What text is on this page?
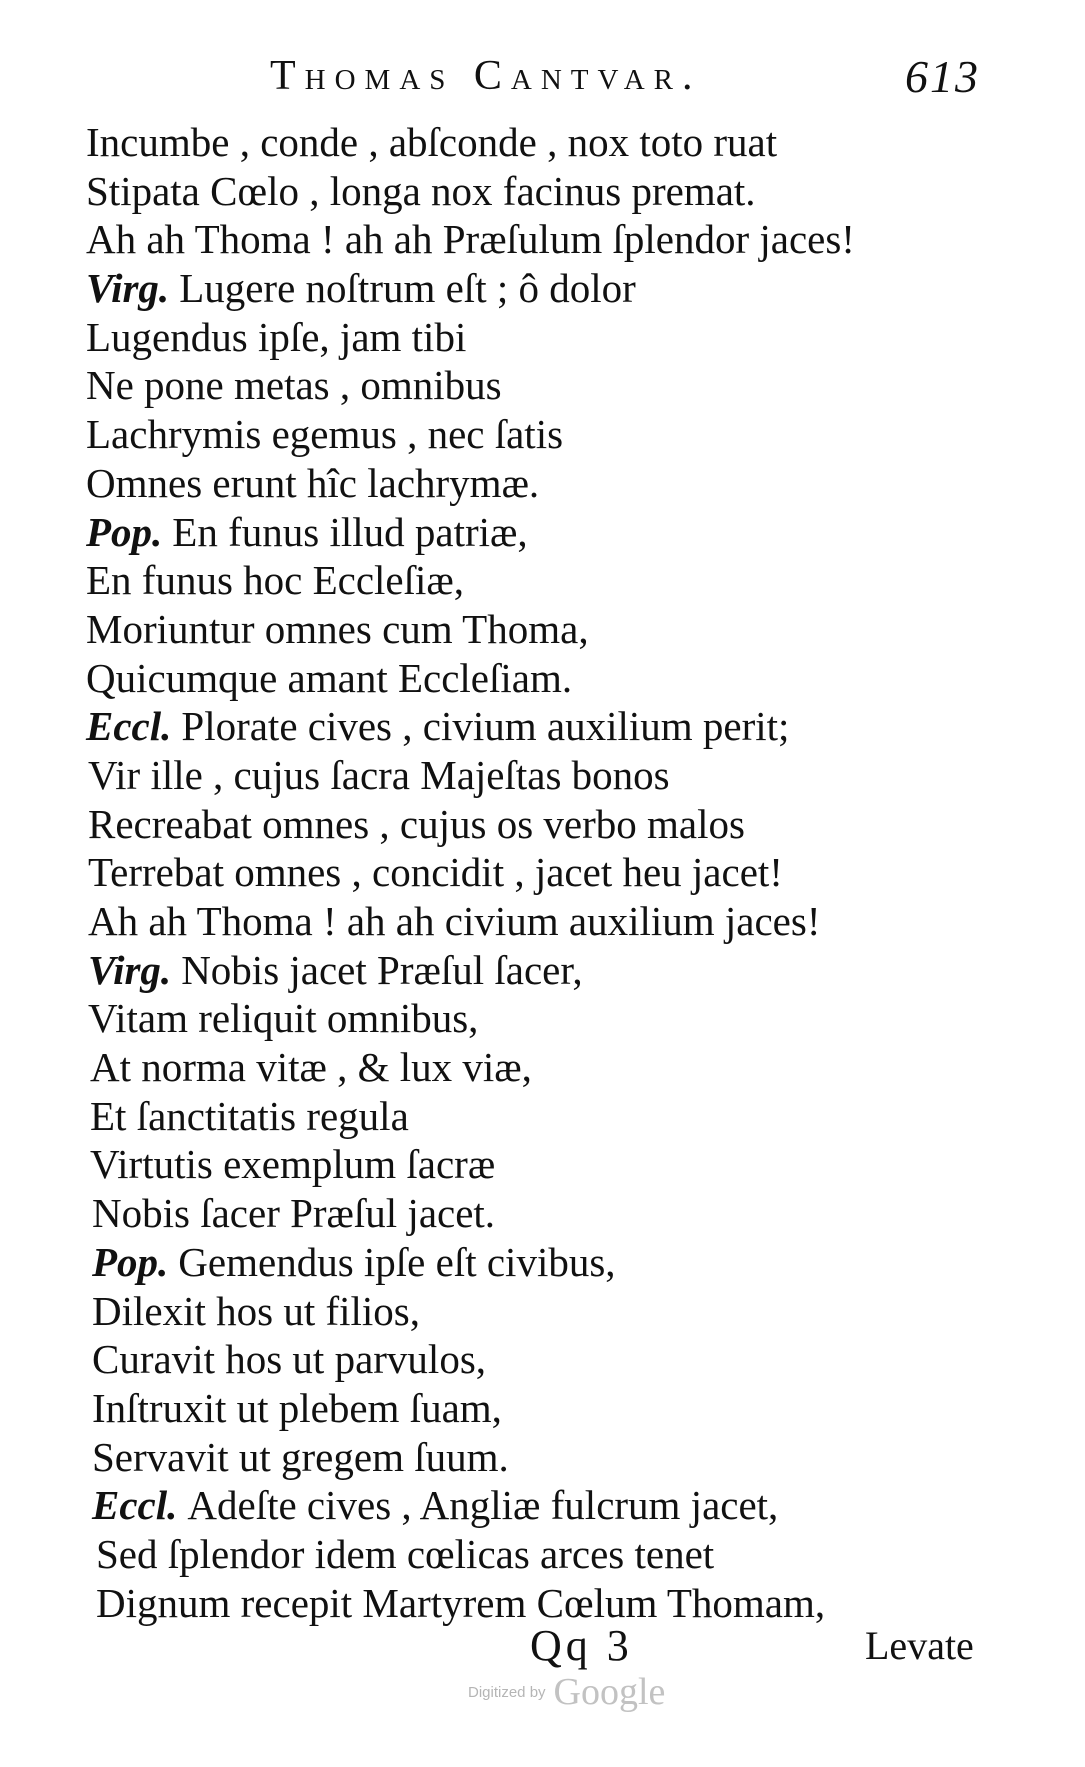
Thomas Cantvar.	613
Incumbe , conde , abſconde , nox toto ruat
Stipata Cœlo , longa nox facinus premat.
Ah ah Thoma ! ah ah Præſulum ſplendor jaces!
Virg. Lugere noſtrum eſt ; ô dolor
Lugendus ipſe, jam tibi
Ne pone metas , omnibus
Lachrymis egemus , nec ſatis
Omnes erunt hîc lachrymæ.
Pop. En funus illud patriæ,
En funus hoc Eccleſiæ,
Moriuntur omnes cum Thoma,
Quicumque amant Eccleſiam.
Eccl. Plorate cives , civium auxilium perit;
Vir ille , cujus ſacra Majeſtas bonos
Recreabat omnes , cujus os verbo malos
Terrebat omnes , concidit , jacet heu jacet!
Ah ah Thoma ! ah ah civium auxilium jaces!
Virg. Nobis jacet Præſul ſacer,
Vitam reliquit omnibus,
At norma vitæ , & lux viæ,
Et ſanctitatis regula
Virtutis exemplum ſacræ
Nobis ſacer Præſul jacet.
Pop. Gemendus ipſe eſt civibus,
Dilexit hos ut filios,
Curavit hos ut parvulos,
Inſtruxit ut plebem ſuam,
Servavit ut gregem ſuum.
Eccl. Adeſte cives , Angliæ fulcrum jacet,
Sed ſplendor idem cœlicas arces tenet
Dignum recepit Martyrem Cœlum Thomam,
Qq 3	Levate
Digitized by Google
